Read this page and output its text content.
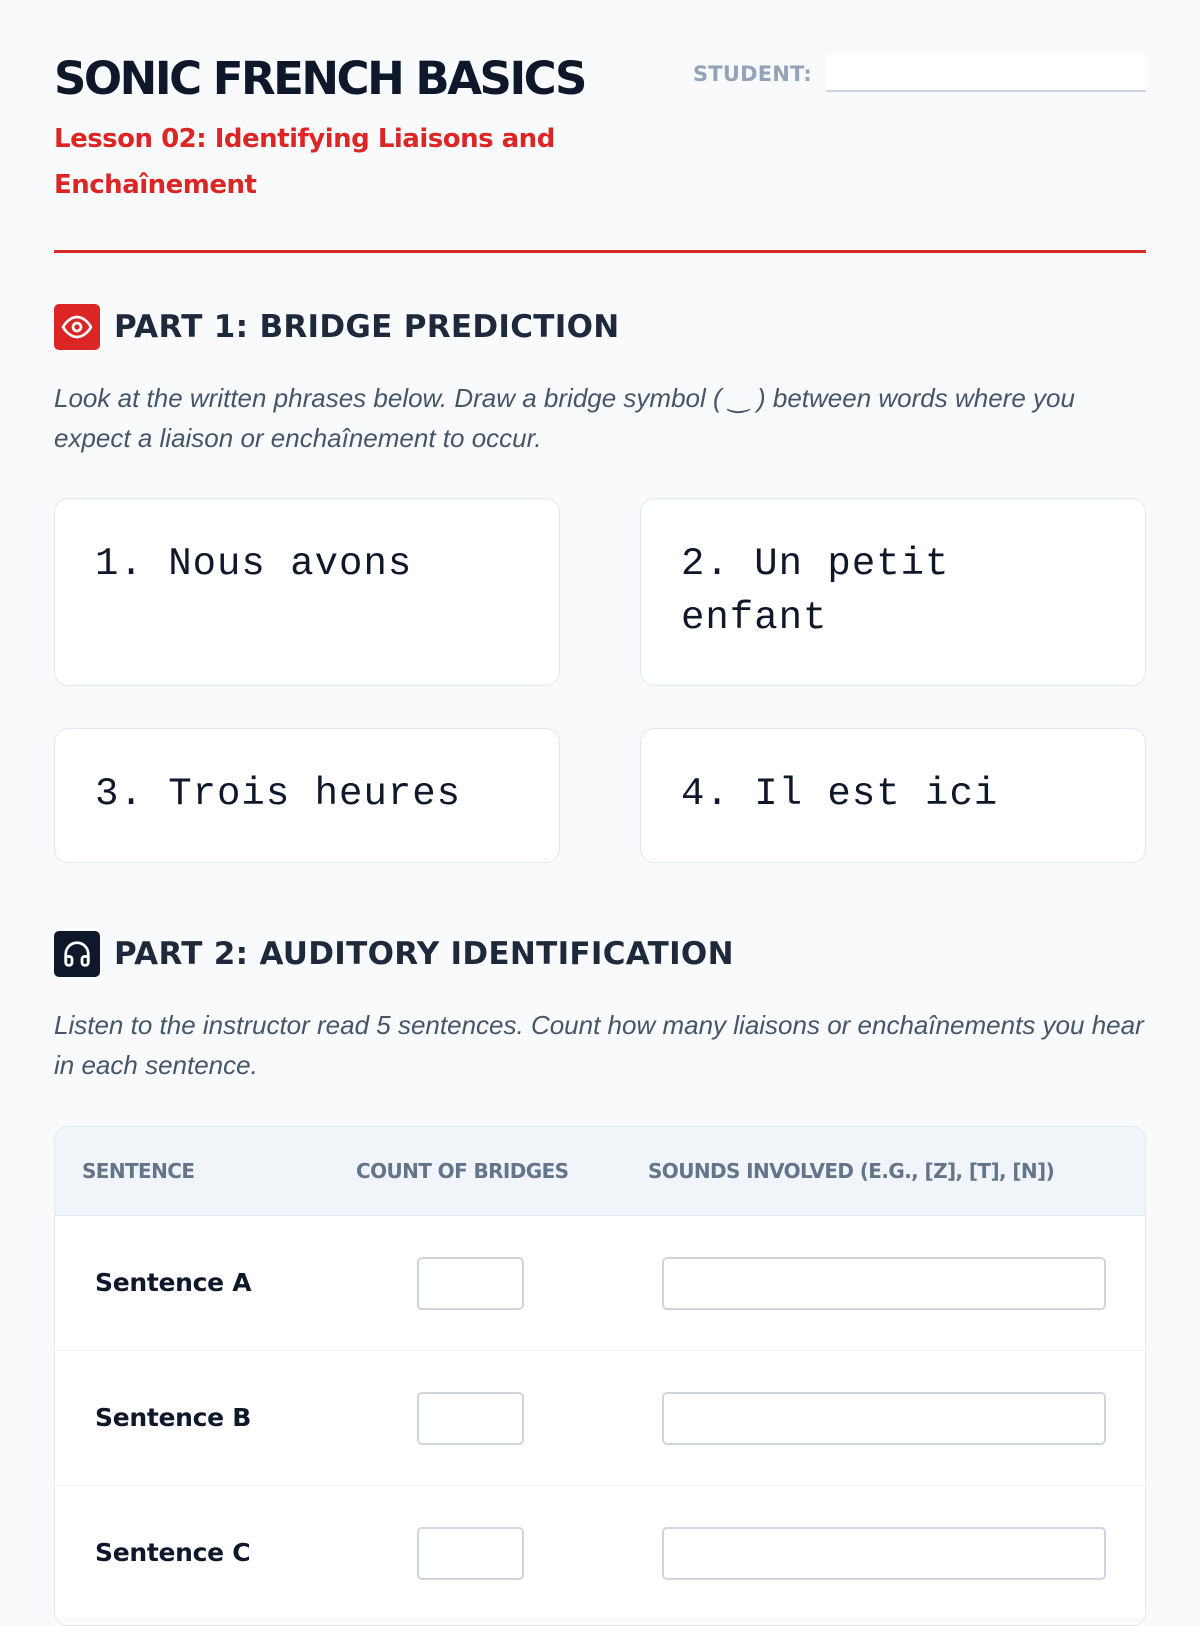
SONIC FRENCH BASICS

Lesson 02: Identifying Liaisons and Enchaînement

STUDENT:
PART 1: BRIDGE PREDICTION

Look at the written phrases below. Draw a bridge symbol ( ‿ ) between words where you expect a liaison or enchaînement to occur.

1. Nous avons	2. Un petit enfant
3. Trois heures	4. Il est ici
PART 2: AUDITORY IDENTIFICATION

Listen to the instructor read 5 sentences. Count how many liaisons or enchaînements you hear in each sentence.

SENTENCE	COUNT OF BRIDGES	SOUNDS INVOLVED (E.G., [Z], [T], [N])
Sentence A
Sentence B
Sentence C
